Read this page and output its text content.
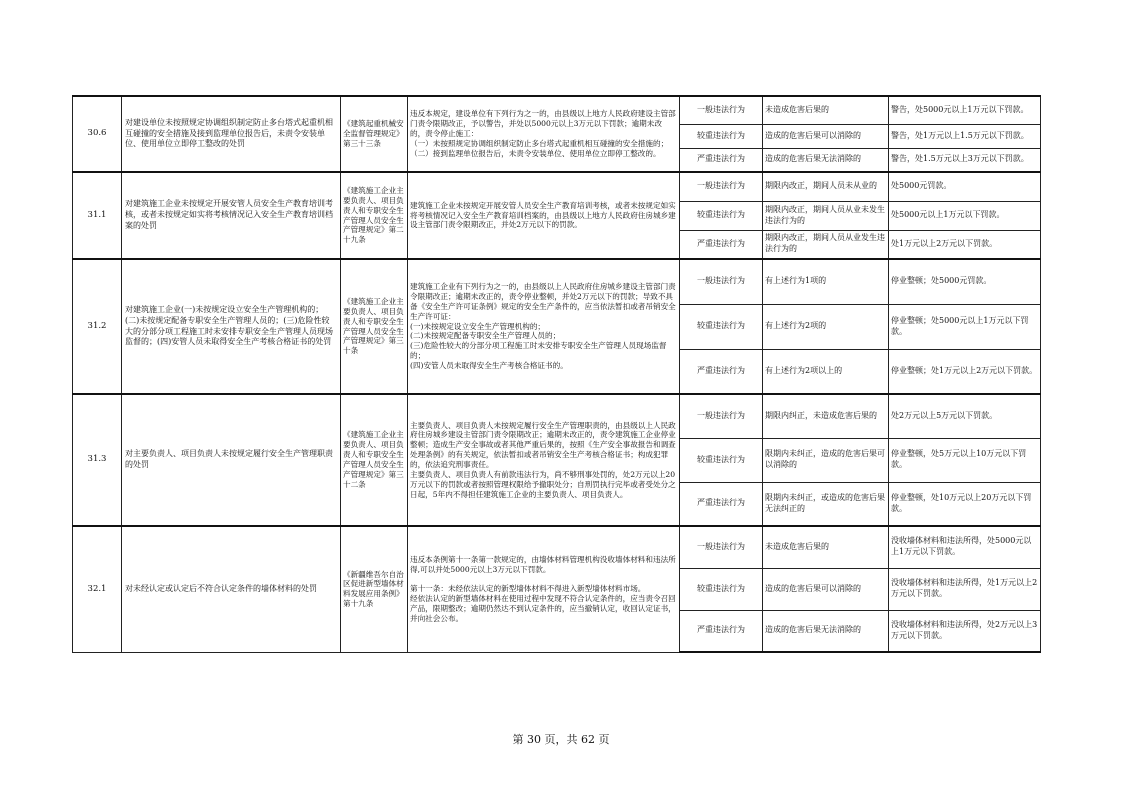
30.6	对建设单位未按照规定协调组织制定防止多台塔式起重机相互碰撞的安全措施及接到监理单位报告后，未责令安装单位、使用单位立即停工整改的处罚	《建筑起重机械安全监督管理规定》第三十三条	违反本规定，建设单位有下列行为之一的，由县级以上地方人民政府建设主管部门责令限期改正，予以警告，并处以5000元以上3万元以下罚款；逾期未改的，责令停止施工：
（一）未按照规定协调组织制定防止多台塔式起重机相互碰撞的安全措施的；
（二）接到监理单位报告后，未责令安装单位、使用单位立即停工整改的。	一般违法行为	未造成危害后果的	警告，处5000元以上1万元以下罚款。
				较重违法行为	造成的危害后果可以消除的	警告，处1万元以上1.5万元以下罚款。
				严重违法行为	造成的危害后果无法消除的	警告，处1.5万元以上3万元以下罚款。
31.1	对建筑施工企业未按规定开展安管人员安全生产教育培训考核，或者未按规定如实将考核情况记入安全生产教育培训档案的处罚	《建筑施工企业主要负责人、项目负责人和专职安全生产管理人员安全生产管理规定》第二十九条	建筑施工企业未按规定开展安管人员安全生产教育培训考核，或者未按规定如实将考核情况记入安全生产教育培训档案的，由县级以上地方人民政府住房城乡建设主管部门责令限期改正，并处2万元以下的罚款。	一般违法行为	期限内改正，期间人员未从业的	处5000元罚款。
				较重违法行为	期限内改正，期间人员从业未发生违法行为的	处5000元以上1万元以下罚款。
				严重违法行为	期限内改正，期间人员从业发生违法行为的	处1万元以上2万元以下罚款。
31.2	对建筑施工企业(一)未按规定设立安全生产管理机构的；(二)未按规定配备专职安全生产管理人员的；(三)危险性较大的分部分项工程施工时未安排专职安全生产管理人员现场监督的；(四)安管人员未取得安全生产考核合格证书的处罚	《建筑施工企业主要负责人、项目负责人和专职安全生产管理人员安全生产管理规定》第三十条	建筑施工企业有下列行为之一的，由县级以上人民政府住房城乡建设主管部门责令限期改正；逾期未改正的，责令停业整顿，并处2万元以下的罚款；导致不具备《安全生产许可证条例》规定的安全生产条件的，应当依法暂扣或者吊销安全生产许可证：
(一)未按规定设立安全生产管理机构的；
(二)未按规定配备专职安全生产管理人员的；
(三)危险性较大的分部分项工程施工时未安排专职安全生产管理人员现场监督的；
(四)安管人员未取得安全生产考核合格证书的。	一般违法行为	有上述行为1项的	停业整顿；处5000元罚款。
				较重违法行为	有上述行为2项的	停业整顿；处5000元以上1万元以下罚款。
				严重违法行为	有上述行为2项以上的	停业整顿；处1万元以上2万元以下罚款。
31.3	对主要负责人、项目负责人未按规定履行安全生产管理职责的处罚	《建筑施工企业主要负责人、项目负责人和专职安全生产管理人员安全生产管理规定》第三十二条	主要负责人、项目负责人未按规定履行安全生产管理职责的，由县级以上人民政府住房城乡建设主管部门责令限期改正；逾期未改正的，责令建筑施工企业停业整顿；造成生产安全事故或者其他严重后果的，按照《生产安全事故报告和调查处理条例》的有关规定，依法暂扣或者吊销安全生产考核合格证书；构成犯罪的，依法追究刑事责任。
主要负责人、项目负责人有前款违法行为，尚不够刑事处罚的，处2万元以上20万元以下的罚款或者按照管理权限给予撤职处分；自刑罚执行完毕或者受处分之日起，5年内不得担任建筑施工企业的主要负责人、项目负责人。	一般违法行为	期限内纠正，未造成危害后果的	处2万元以上5万元以下罚款。
				较重违法行为	限期内未纠正，造成的危害后果可以消除的	停业整顿，处5万元以上10万元以下罚款。
				严重违法行为	限期内未纠正，或造成的危害后果无法纠正的	停业整顿，处10万元以上20万元以下罚款。
32.1	对未经认定或认定后不符合认定条件的墙体材料的处罚	《新疆维吾尔自治区促进新型墙体材料发展应用条例》第十九条	违反本条例第十一条第一款规定的，由墙体材料管理机构没收墙体材料和违法所得,可以并处5000元以上3万元以下罚款。

第十一条：未经依法认定的新型墙体材料不得进入新型墙体材料市场。
经依法认定的新型墙体材料在使用过程中发现不符合认定条件的，应当责令召回产品，限期整改；逾期仍然达不到认定条件的，应当撤销认定，收回认定证书，并向社会公布。	一般违法行为	未造成危害后果的	没收墙体材料和违法所得，处5000元以上1万元以下罚款。
				较重违法行为	造成的危害后果可以消除的	没收墙体材料和违法所得，处1万元以上2万元以下罚款。
				严重违法行为	造成的危害后果无法消除的	没收墙体材料和违法所得，处2万元以上3万元以下罚款。
第 30 页，共 62 页
